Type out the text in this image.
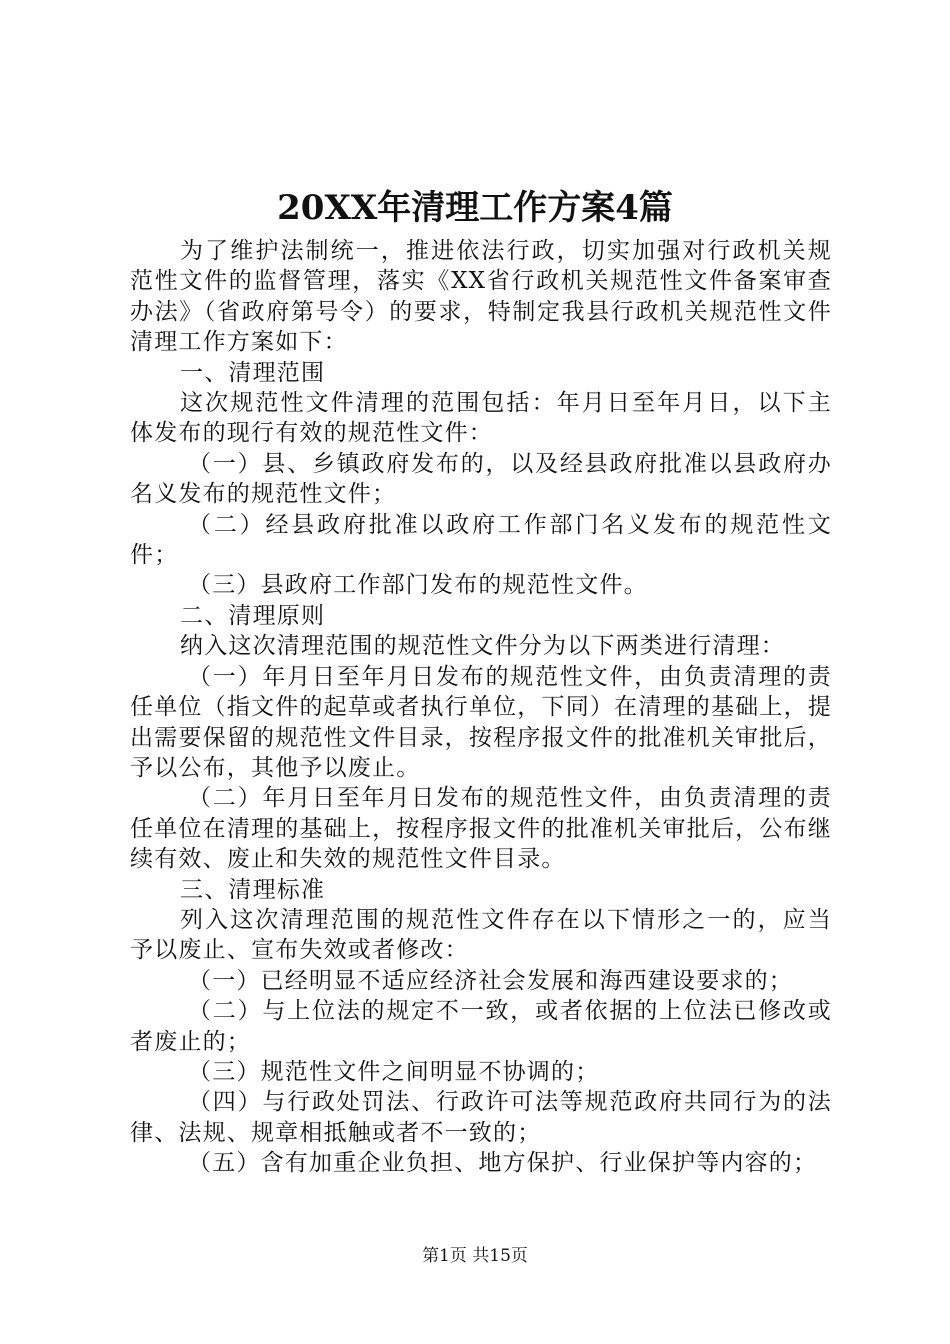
20XX年清理工作方案4篇

为了维护法制统一，推进依法行政，切实加强对行政机关规范性文件的监督管理，落实《XX省行政机关规范性文件备案审查办法》（省政府第号令）的要求，特制定我县行政机关规范性文件清理工作方案如下：

一、清理范围

这次规范性文件清理的范围包括：年月日至年月日，以下主体发布的现行有效的规范性文件：

（一）县、乡镇政府发布的，以及经县政府批准以县政府办名义发布的规范性文件；

（二）经县政府批准以政府工作部门名义发布的规范性文件；

（三）县政府工作部门发布的规范性文件。

二、清理原则

纳入这次清理范围的规范性文件分为以下两类进行清理：

（一）年月日至年月日发布的规范性文件，由负责清理的责任单位（指文件的起草或者执行单位，下同）在清理的基础上，提出需要保留的规范性文件目录，按程序报文件的批准机关审批后，予以公布，其他予以废止。

（二）年月日至年月日发布的规范性文件，由负责清理的责任单位在清理的基础上，按程序报文件的批准机关审批后，公布继续有效、废止和失效的规范性文件目录。

三、清理标准

列入这次清理范围的规范性文件存在以下情形之一的，应当予以废止、宣布失效或者修改：

（一）已经明显不适应经济社会发展和海西建设要求的；

（二）与上位法的规定不一致，或者依据的上位法已修改或者废止的；

（三）规范性文件之间明显不协调的；

（四）与行政处罚法、行政许可法等规范政府共同行为的法律、法规、规章相抵触或者不一致的；

（五）含有加重企业负担、地方保护、行业保护等内容的；

第1页 共15页
